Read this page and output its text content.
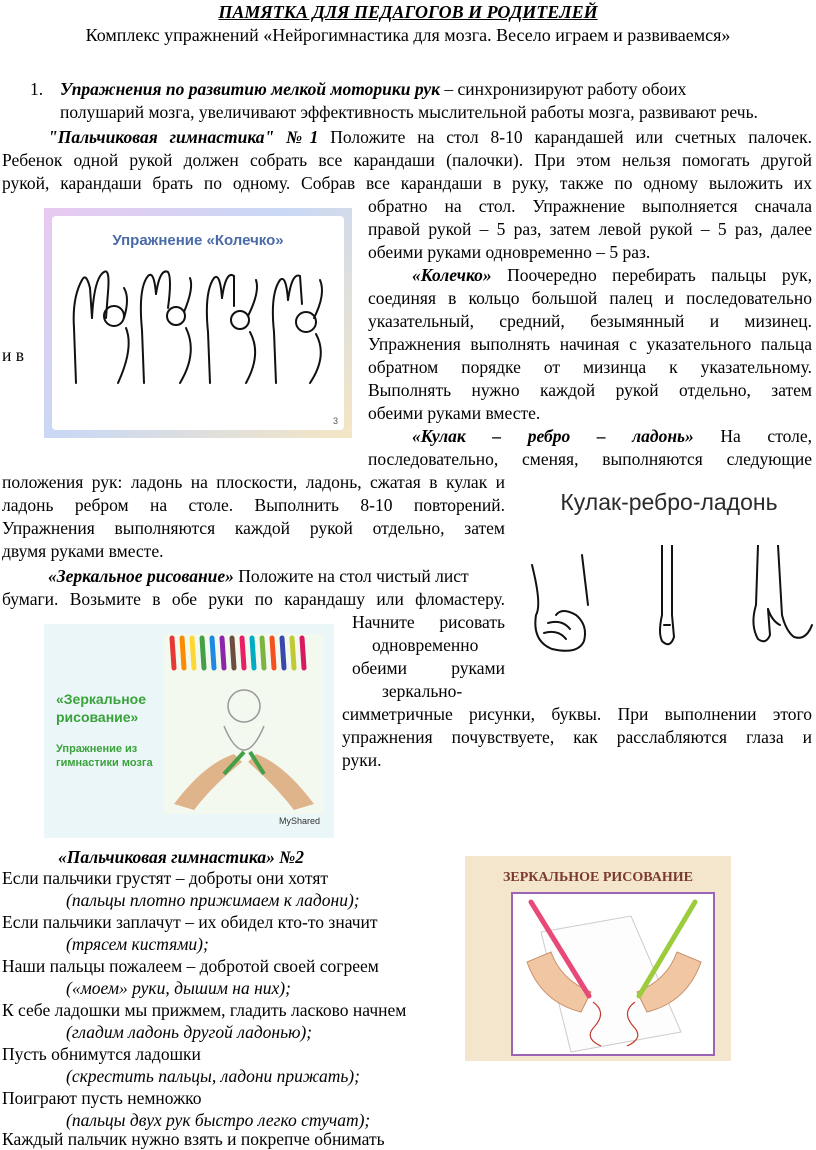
ПАМЯТКА ДЛЯ ПЕДАГОГОВ И РОДИТЕЛЕЙ
Комплекс упражнений «Нейрогимнастика для мозга. Весело играем и развиваемся»
1. Упражнения по развитию мелкой моторики рук – синхронизируют работу обоих
полушарий мозга, увеличивают эффективность мыслительной работы мозга, развивают речь.
"Пальчиковая гимнастика" №1 Положите на стол 8-10 карандашей или счетных палочек.
Ребенок одной рукой должен собрать все карандаши (палочки). При этом нельзя помогать другой
рукой, карандаши брать по одному. Собрав все карандаши в руку, также по одному выложить их
обратно на стол. Упражнение выполняется сначала
правой рукой – 5 раз, затем левой рукой – 5 раз, далее
обеими руками одновременно – 5 раз.
Упражнение «Колечко»
3
«Колечко» Поочередно перебирать пальцы рук,
соединяя в кольцо большой палец и последовательно
указательный, средний, безымянный и мизинец.
Упражнения выполнять начиная с указательного пальца
и в
обратном порядке от мизинца к указательному.
Выполнять нужно каждой рукой отдельно, затем
обеими руками вместе.
«Кулак – ребро – ладонь» На столе,
последовательно, сменяя, выполняются следующие
положения рук: ладонь на плоскости, ладонь, сжатая в кулак и
ладонь ребром на столе. Выполнить 8-10 повторений.
Упражнения выполняются каждой рукой отдельно, затем
двумя руками вместе.
Кулак-ребро-ладонь
«Зеркальное рисование» Положите на стол чистый лист
бумаги. Возьмите в обе руки по карандашу или фломастеру.
Начните рисовать
одновременно
обеими руками
зеркально-
симметричные рисунки, буквы. При выполнении этого
упражнения почувствуете, как расслабляются глаза и
руки.
«Зеркальное рисование»
Упражнение из гимнастики мозга
MyShared
«Пальчиковая гимнастика» №2
Если пальчики грустят – доброты они хотят
(пальцы плотно прижимаем к ладони);
Если пальчики заплачут – их обидел кто-то значит
(трясем кистями);
Наши пальцы пожалеем – добротой своей согреем
(«моем» руки, дышим на них);
К себе ладошки мы прижмем, гладить ласково начнем
(гладим ладонь другой ладонью);
Пусть обнимутся ладошки
(скрестить пальцы, ладони прижать);
Поиграют пусть немножко
(пальцы двух рук быстро легко стучат);
Каждый пальчик нужно взять и покрепче обнимать
ЗЕРКАЛЬНОЕ РИСОВАНИЕ
